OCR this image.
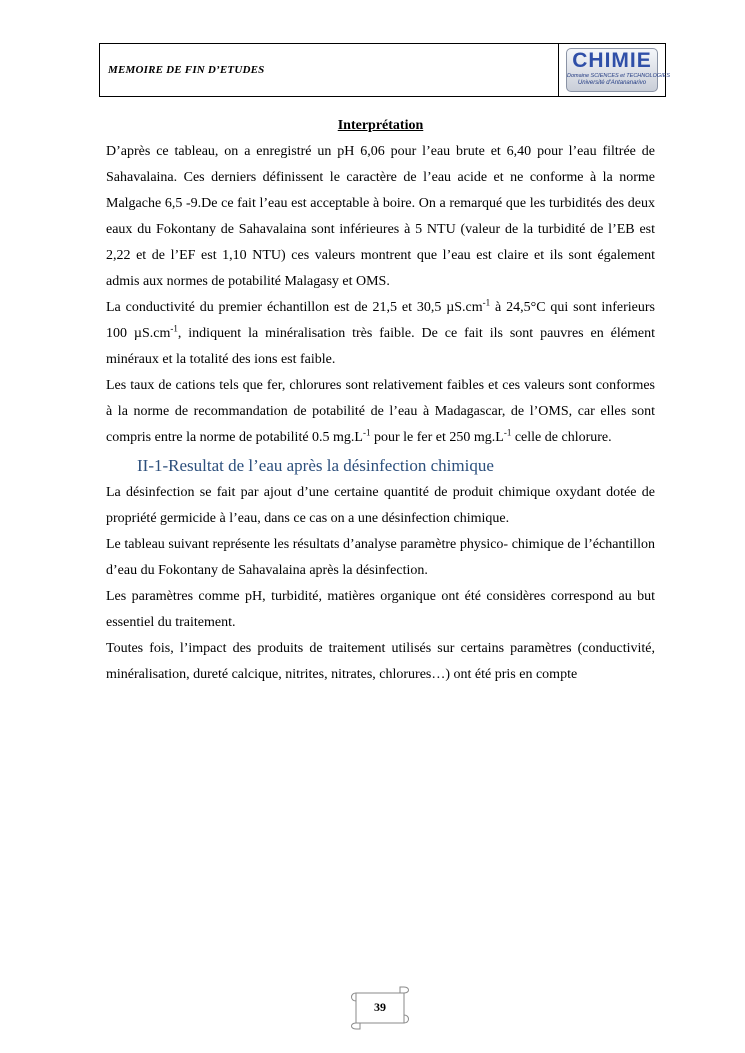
MEMOIRE DE FIN D’ETUDES	CHIMIE
Domaine SCIENCES et TECHNOLOGIES
Université d'Antananarivo
Interprétation

D’après ce tableau, on a enregistré un pH 6,06 pour l’eau brute et 6,40 pour l’eau filtrée de Sahavalaina. Ces derniers définissent le caractère de l’eau acide et ne conforme à la norme Malgache 6,5 -9.De ce fait l’eau est acceptable à boire. On a remarqué que les turbidités des deux eaux du Fokontany de Sahavalaina sont inférieures à 5 NTU (valeur de la turbidité de l’EB est 2,22 et de l’EF est 1,10 NTU) ces valeurs montrent que l’eau est claire et ils sont également admis aux normes de potabilité Malagasy et OMS.

La conductivité du premier échantillon est de 21,5 et 30,5 $\mu S.cm^{-1}$ à 24,5°C qui sont inferieurs 100 $\mu S.cm^{-1}$, indiquent la minéralisation très faible. De ce fait ils sont pauvres en élément minéraux et la totalité des ions est faible.

Les taux de cations tels que fer, chlorures sont relativement faibles et ces valeurs sont conformes à la norme de recommandation de potabilité de l’eau à Madagascar, de l’OMS, car elles sont compris entre la norme de potabilité 0.5 $mg.L^{-1}$ pour le fer et 250 $mg.L^{-1}$ celle de chlorure.

II-1-Resultat de l’eau après la désinfection chimique

La désinfection se fait par ajout d’une certaine quantité de produit chimique oxydant dotée de propriété germicide à l’eau, dans ce cas on a une désinfection chimique.

Le tableau suivant représente les résultats d’analyse paramètre physico- chimique de l’échantillon d’eau du Fokontany de Sahavalaina après la désinfection.

Les paramètres comme pH, turbidité, matières organique ont été considères correspond au but essentiel du traitement.

Toutes fois, l’impact des produits de traitement utilisés sur certains paramètres (conductivité, minéralisation, dureté calcique, nitrites, nitrates, chlorures…) ont été pris en compte

39
